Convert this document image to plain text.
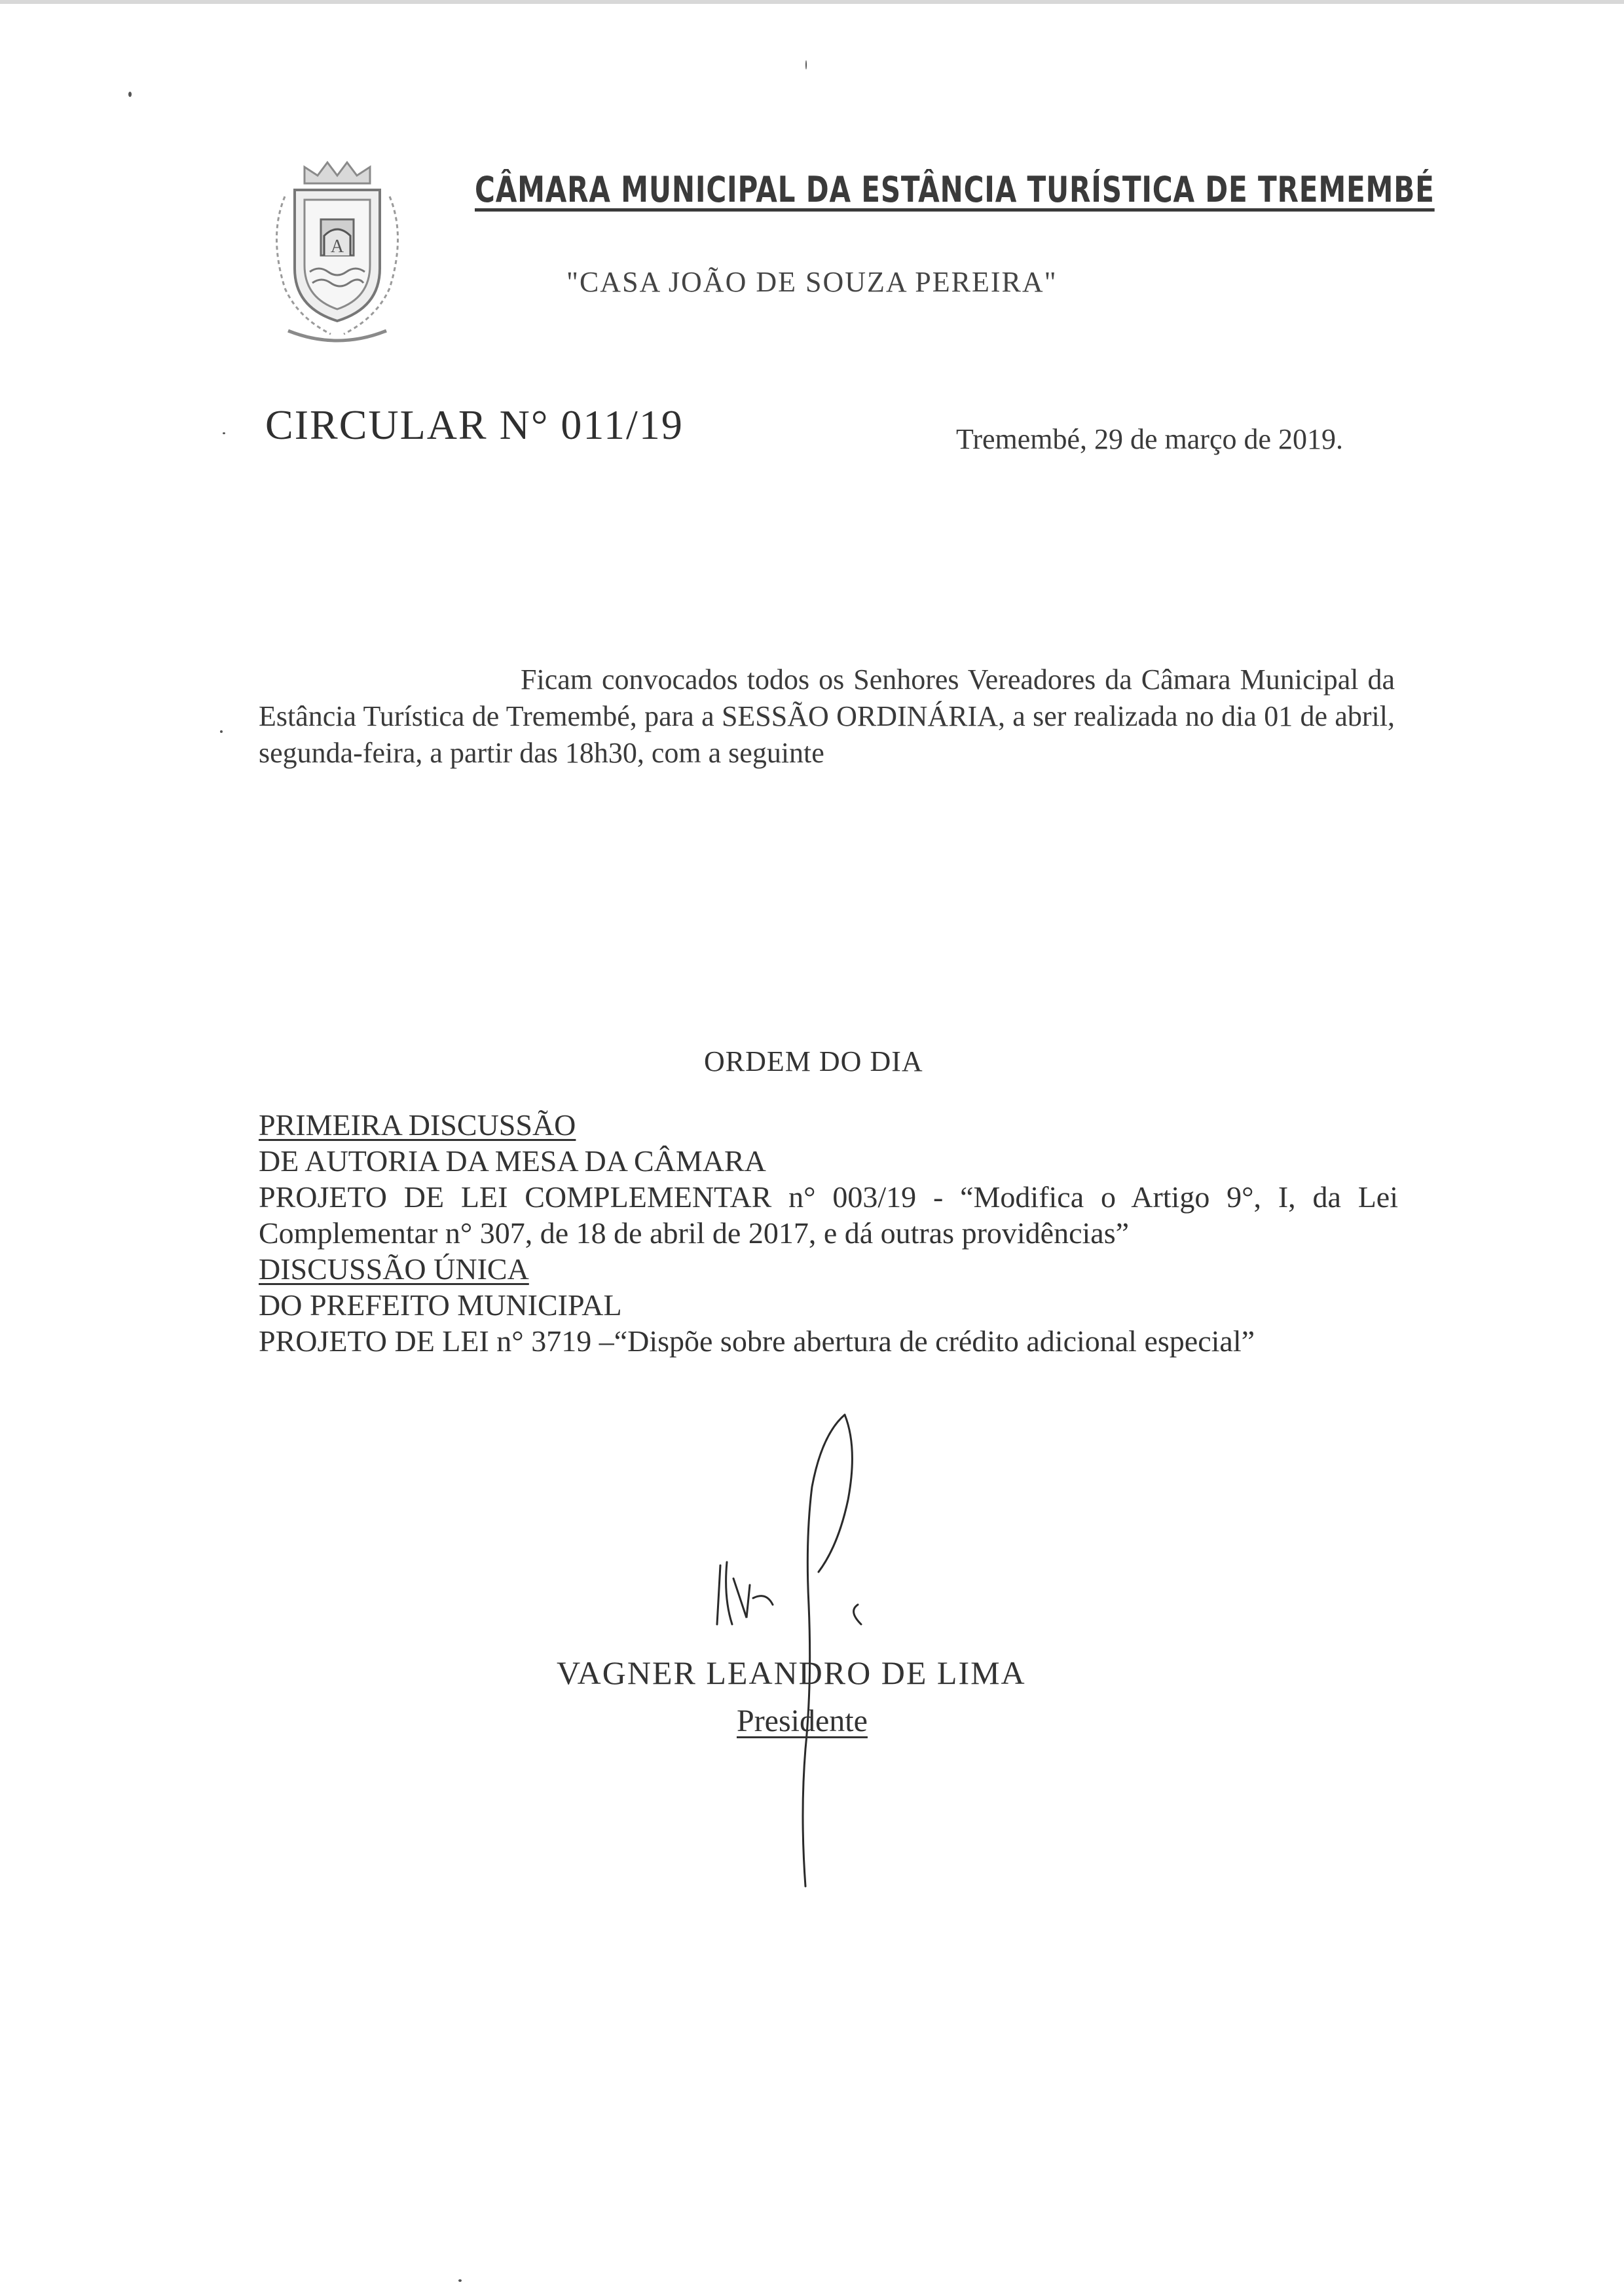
A
CÂMARA MUNICIPAL DA ESTÂNCIA TURÍSTICA DE TREMEMBÉ
"CASA JOÃO DE SOUZA PEREIRA"
CIRCULAR N° 011/19	Tremembé, 29 de março de 2019.
Ficam convocados todos os Senhores Vereadores da Câmara Municipal da Estância Turística de Tremembé, para a SESSÃO ORDINÁRIA, a ser realizada no dia 01 de abril, segunda-feira, a partir das 18h30, com a seguinte
ORDEM DO DIA
PRIMEIRA DISCUSSÃO
DE AUTORIA DA MESA DA CÂMARA
PROJETO DE LEI COMPLEMENTAR n° 003/19 - “Modifica o Artigo 9°, I, da Lei Complementar n° 307, de 18 de abril de 2017, e dá outras providências”
DISCUSSÃO ÚNICA
DO PREFEITO MUNICIPAL
PROJETO DE LEI n° 3719 –“Dispõe sobre abertura de crédito adicional especial”
VAGNER LEANDRO DE LIMA
Presidente
